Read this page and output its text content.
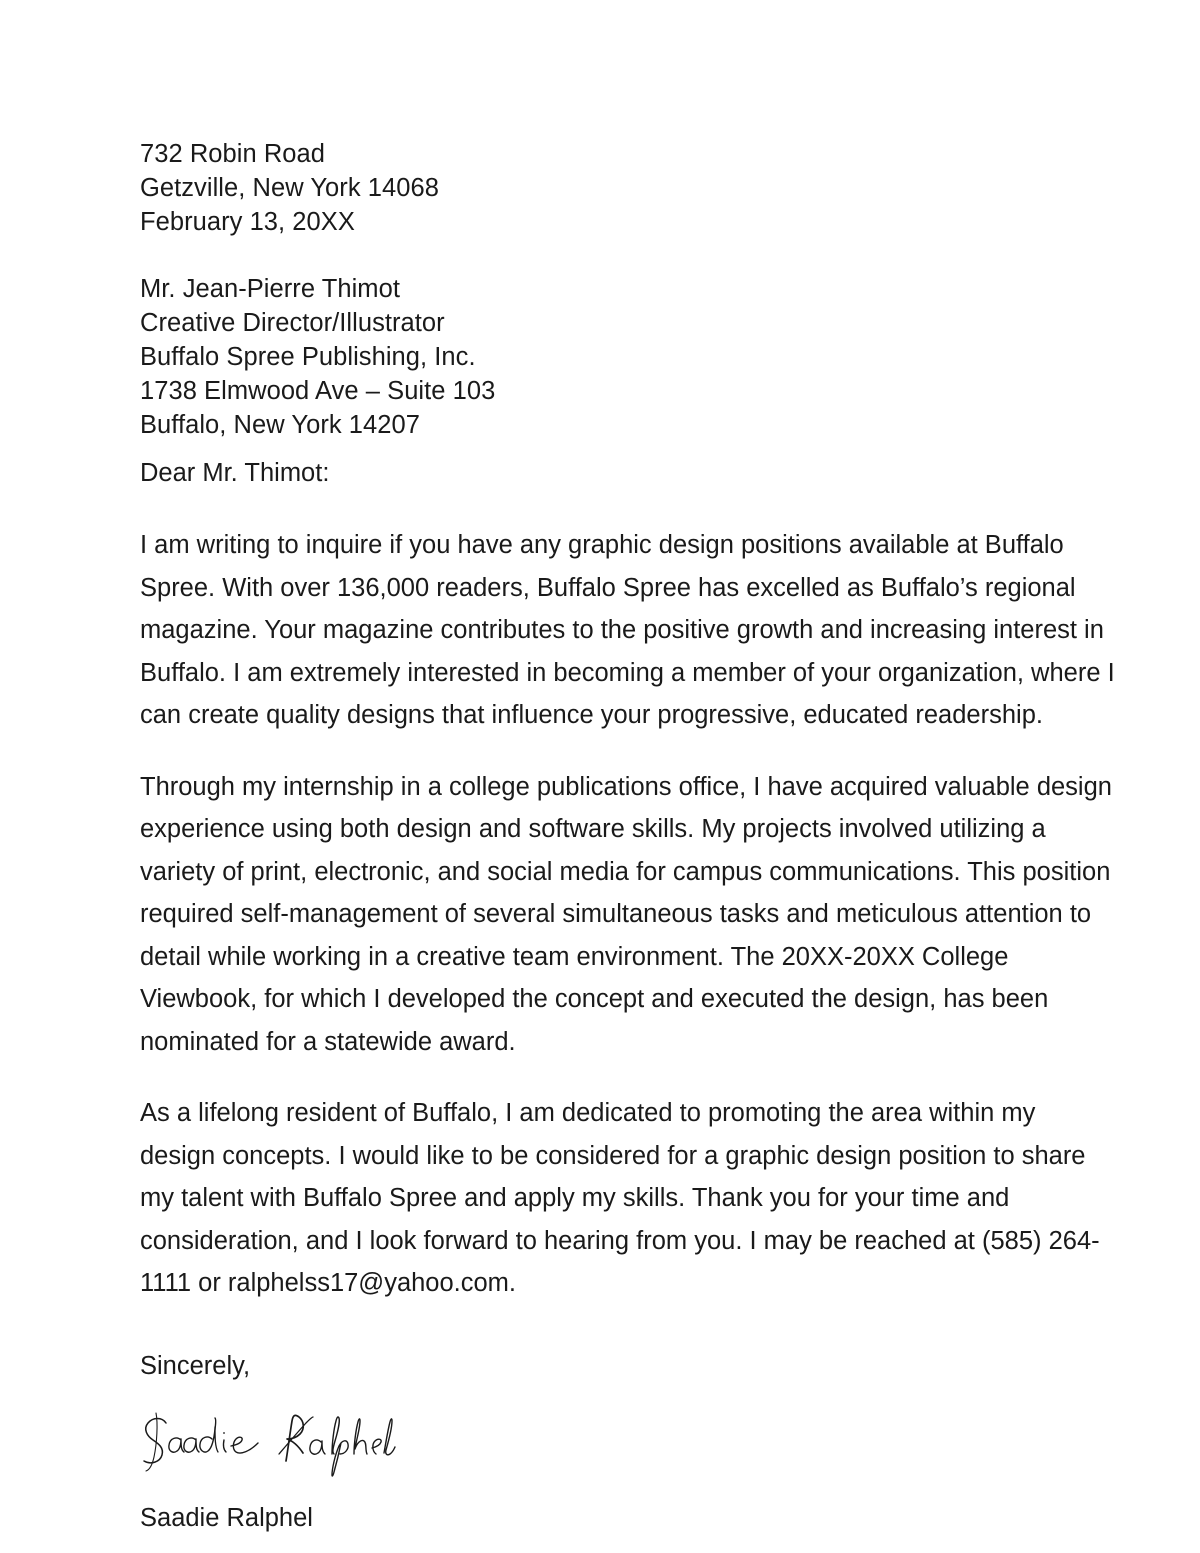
732 Robin Road
Getzville, New York 14068
February 13, 20XX
Mr. Jean-Pierre Thimot
Creative Director/Illustrator
Buffalo Spree Publishing, Inc.
1738 Elmwood Ave – Suite 103
Buffalo, New York 14207
Dear Mr. Thimot:

I am writing to inquire if you have any graphic design positions available at Buffalo Spree. With over 136,000 readers, Buffalo Spree has excelled as Buffalo’s regional magazine. Your magazine contributes to the positive growth and increasing interest in Buffalo. I am extremely interested in becoming a member of your organization, where I can create quality designs that influence your progressive, educated readership.

Through my internship in a college publications office, I have acquired valuable design experience using both design and software skills. My projects involved utilizing a variety of print, electronic, and social media for campus communications. This position required self-management of several simultaneous tasks and meticulous attention to detail while working in a creative team environment. The 20XX-20XX College Viewbook, for which I developed the concept and executed the design, has been nominated for a statewide award.

As a lifelong resident of Buffalo, I am dedicated to promoting the area within my design concepts. I would like to be considered for a graphic design position to share my talent with Buffalo Spree and apply my skills. Thank you for your time and consideration, and I look forward to hearing from you. I may be reached at (585) 264-1111 or ralphelss17@yahoo.com.

Sincerely,
Saadie Ralphel
